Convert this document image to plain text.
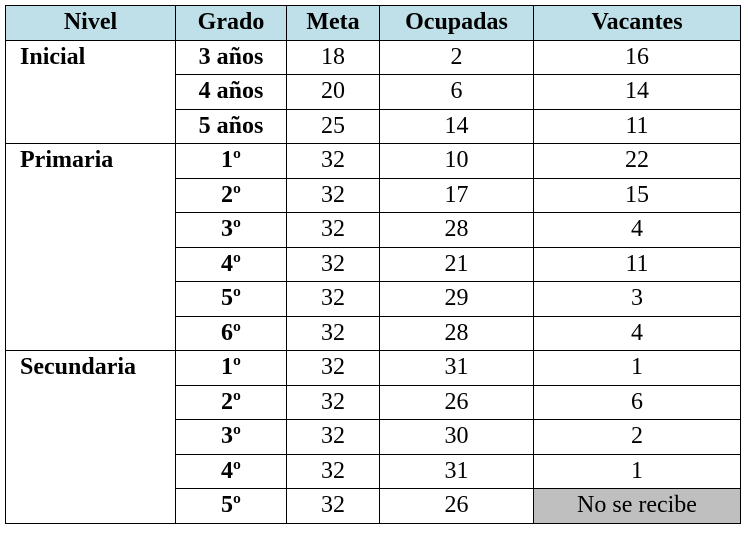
Nivel	Grado	Meta	Ocupadas	Vacantes
Inicial	3 años	18	2	16
	4 años	20	6	14
	5 años	25	14	11
Primaria	1º	32	10	22
	2º	32	17	15
	3º	32	28	4
	4º	32	21	11
	5º	32	29	3
	6º	32	28	4
Secundaria	1º	32	31	1
	2º	32	26	6
	3º	32	30	2
	4º	32	31	1
	5º	32	26	No se recibe
